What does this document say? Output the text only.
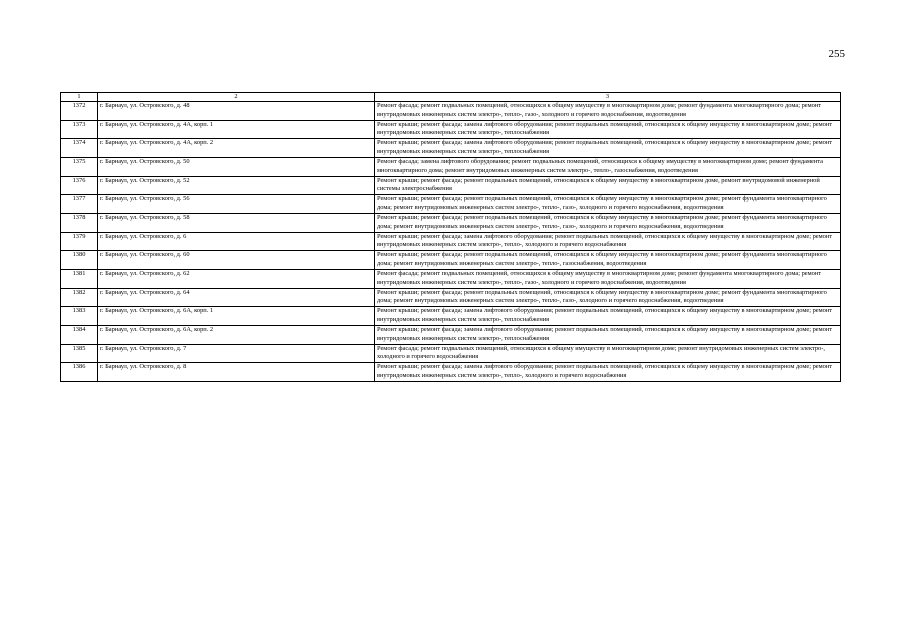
255
1	2	3
1372	г. Барнаул, ул. Островского, д. 48	Ремонт фасада; ремонт подвальных помещений, относящихся к общему имуществу в многоквартирном доме; ремонт фундамента многоквартирного дома; ремонт внутридомовых инженерных систем электро-, тепло-, газо-, холодного и горячего водоснабжения, водоотведения
1373	г. Барнаул, ул. Островского, д. 4А, корп. 1	Ремонт крыши; ремонт фасада; замена лифтового оборудования; ремонт подвальных помещений, относящихся к общему имуществу в многоквартирном доме; ремонт внутридомовых инженерных систем электро-, теплоснабжения
1374	г. Барнаул, ул. Островского, д. 4А, корп. 2	Ремонт крыши; ремонт фасада; замена лифтового оборудования; ремонт подвальных помещений, относящихся к общему имуществу в многоквартирном доме; ремонт внутридомовых инженерных систем электро-, теплоснабжения
1375	г. Барнаул, ул. Островского, д. 50	Ремонт фасада; замена лифтового оборудования; ремонт подвальных помещений, относящихся к общему имуществу в многоквартирном доме; ремонт фундамента многоквартирного дома; ремонт внутридомовых инженерных систем электро-, тепло-, газоснабжения, водоотведения
1376	г. Барнаул, ул. Островского, д. 52	Ремонт крыши; ремонт фасада; ремонт подвальных помещений, относящихся к общему имуществу в многоквартирном доме, ремонт внутридомовой инженерной системы электроснабжения
1377	г. Барнаул, ул. Островского, д. 56	Ремонт крыши; ремонт фасада; ремонт подвальных помещений, относящихся к общему имуществу в многоквартирном доме; ремонт фундамента многоквартирного дома; ремонт внутридомовых инженерных систем электро-, тепло-, газо-, холодного и горячего водоснабжения, водоотведения
1378	г. Барнаул, ул. Островского, д. 58	Ремонт крыши; ремонт фасада; ремонт подвальных помещений, относящихся к общему имуществу в многоквартирном доме; ремонт фундамента многоквартирного дома; ремонт внутридомовых инженерных систем электро-, тепло-, газо-, холодного и горячего водоснабжения, водоотведения
1379	г. Барнаул, ул. Островского, д. 6	Ремонт крыши; ремонт фасада; замена лифтового оборудования; ремонт подвальных помещений, относящихся к общему имуществу в многоквартирном доме; ремонт внутридомовых инженерных систем электро-, тепло-, холодного и горячего водоснабжения
1380	г. Барнаул, ул. Островского, д. 60	Ремонт крыши; ремонт фасада; ремонт подвальных помещений, относящихся к общему имуществу в многоквартирном доме; ремонт фундамента многоквартирного дома; ремонт внутридомовых инженерных систем электро-, тепло-, газоснабжения, водоотведения
1381	г. Барнаул, ул. Островского, д. 62	Ремонт фасада; ремонт подвальных помещений, относящихся к общему имуществу в многоквартирном доме; ремонт фундамента многоквартирного дома; ремонт внутридомовых инженерных систем электро-, тепло-, газо-, холодного и горячего водоснабжения, водоотведения
1382	г. Барнаул, ул. Островского, д. 64	Ремонт крыши; ремонт фасада; ремонт подвальных помещений, относящихся к общему имуществу в многоквартирном доме; ремонт фундамента многоквартирного дома; ремонт внутридомовых инженерных систем электро-, тепло-, газо-, холодного и горячего водоснабжения, водоотведения
1383	г. Барнаул, ул. Островского, д. 6А, корп. 1	Ремонт крыши; ремонт фасада; замена лифтового оборудования; ремонт подвальных помещений, относящихся к общему имуществу в многоквартирном доме; ремонт внутридомовых инженерных систем электро-, теплоснабжения
1384	г. Барнаул, ул. Островского, д. 6А, корп. 2	Ремонт крыши; ремонт фасада; замена лифтового оборудования; ремонт подвальных помещений, относящихся к общему имуществу в многоквартирном доме; ремонт внутридомовых инженерных систем электро-, теплоснабжения
1385	г. Барнаул, ул. Островского, д. 7	Ремонт фасада; ремонт подвальных помещений, относящихся к общему имуществу в многоквартирном доме; ремонт внутридомовых инженерных систем электро-, холодного и горячего водоснабжения
1386	г. Барнаул, ул. Островского, д. 8	Ремонт крыши; ремонт фасада; замена лифтового оборудования; ремонт подвальных помещений, относящихся к общему имуществу в многоквартирном доме; ремонт внутридомовых инженерных систем электро-, тепло-, холодного и горячего водоснабжения
